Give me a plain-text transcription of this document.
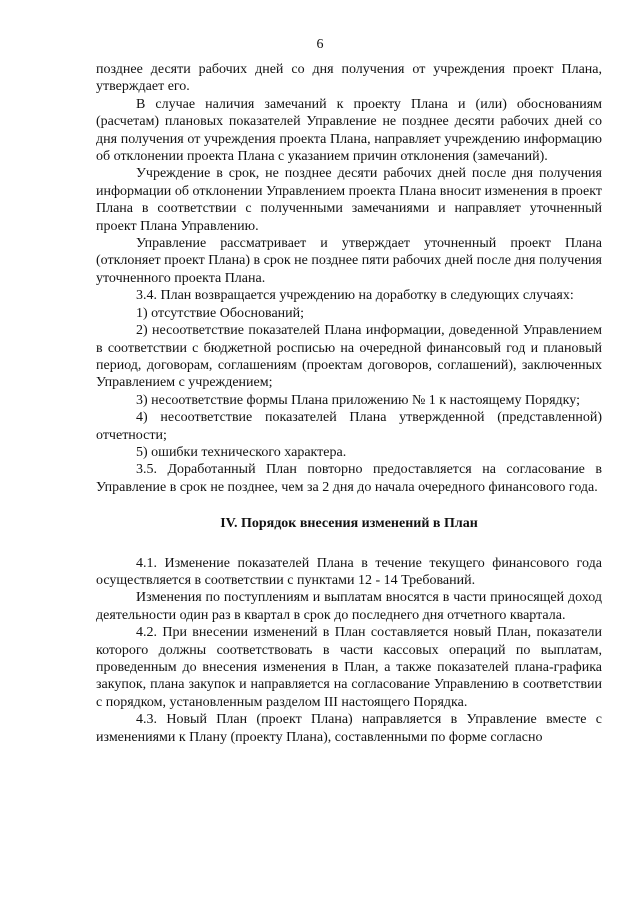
6

позднее десяти рабочих дней со дня получения от учреждения проект Плана, утверждает его.

В случае наличия замечаний к проекту Плана и (или) обоснованиям (расчетам) плановых показателей Управление не позднее десяти рабочих дней со дня получения от учреждения проекта Плана, направляет учреждению информацию об отклонении проекта Плана с указанием причин отклонения (замечаний).

Учреждение в срок, не позднее десяти рабочих дней после дня получения информации об отклонении Управлением проекта Плана вносит изменения в проект Плана в соответствии с полученными замечаниями и направляет уточненный проект Плана Управлению.

Управление рассматривает и утверждает уточненный проект Плана (отклоняет проект Плана) в срок не позднее пяти рабочих дней после дня получения уточненного проекта Плана.

3.4. План возвращается учреждению на доработку в следующих случаях:

1) отсутствие Обоснований;

2) несоответствие показателей Плана информации, доведенной Управлением в соответствии с бюджетной росписью на очередной финансовый год и плановый период, договорам, соглашениям (проектам договоров, соглашений), заключенных Управлением с учреждением;

3) несоответствие формы Плана приложению № 1 к настоящему Порядку;

4) несоответствие показателей Плана утвержденной (представленной) отчетности;

5) ошибки технического характера.

3.5. Доработанный План повторно предоставляется на согласование в Управление в срок не позднее, чем за 2 дня до начала очередного финансового года.

IV. Порядок внесения изменений в План

4.1. Изменение показателей Плана в течение текущего финансового года осуществляется в соответствии с пунктами 12 - 14 Требований.

Изменения по поступлениям и выплатам вносятся в части приносящей доход деятельности один раз в квартал в срок до последнего дня отчетного квартала.

4.2. При внесении изменений в План составляется новый План, показатели которого должны соответствовать в части кассовых операций по выплатам, проведенным до внесения изменения в План, а также показателей плана-графика закупок, плана закупок и направляется на согласование Управлению в соответствии с порядком, установленным разделом III настоящего Порядка.

4.3. Новый План (проект Плана) направляется в Управление вместе с изменениями к Плану (проекту Плана), составленными по форме согласно
